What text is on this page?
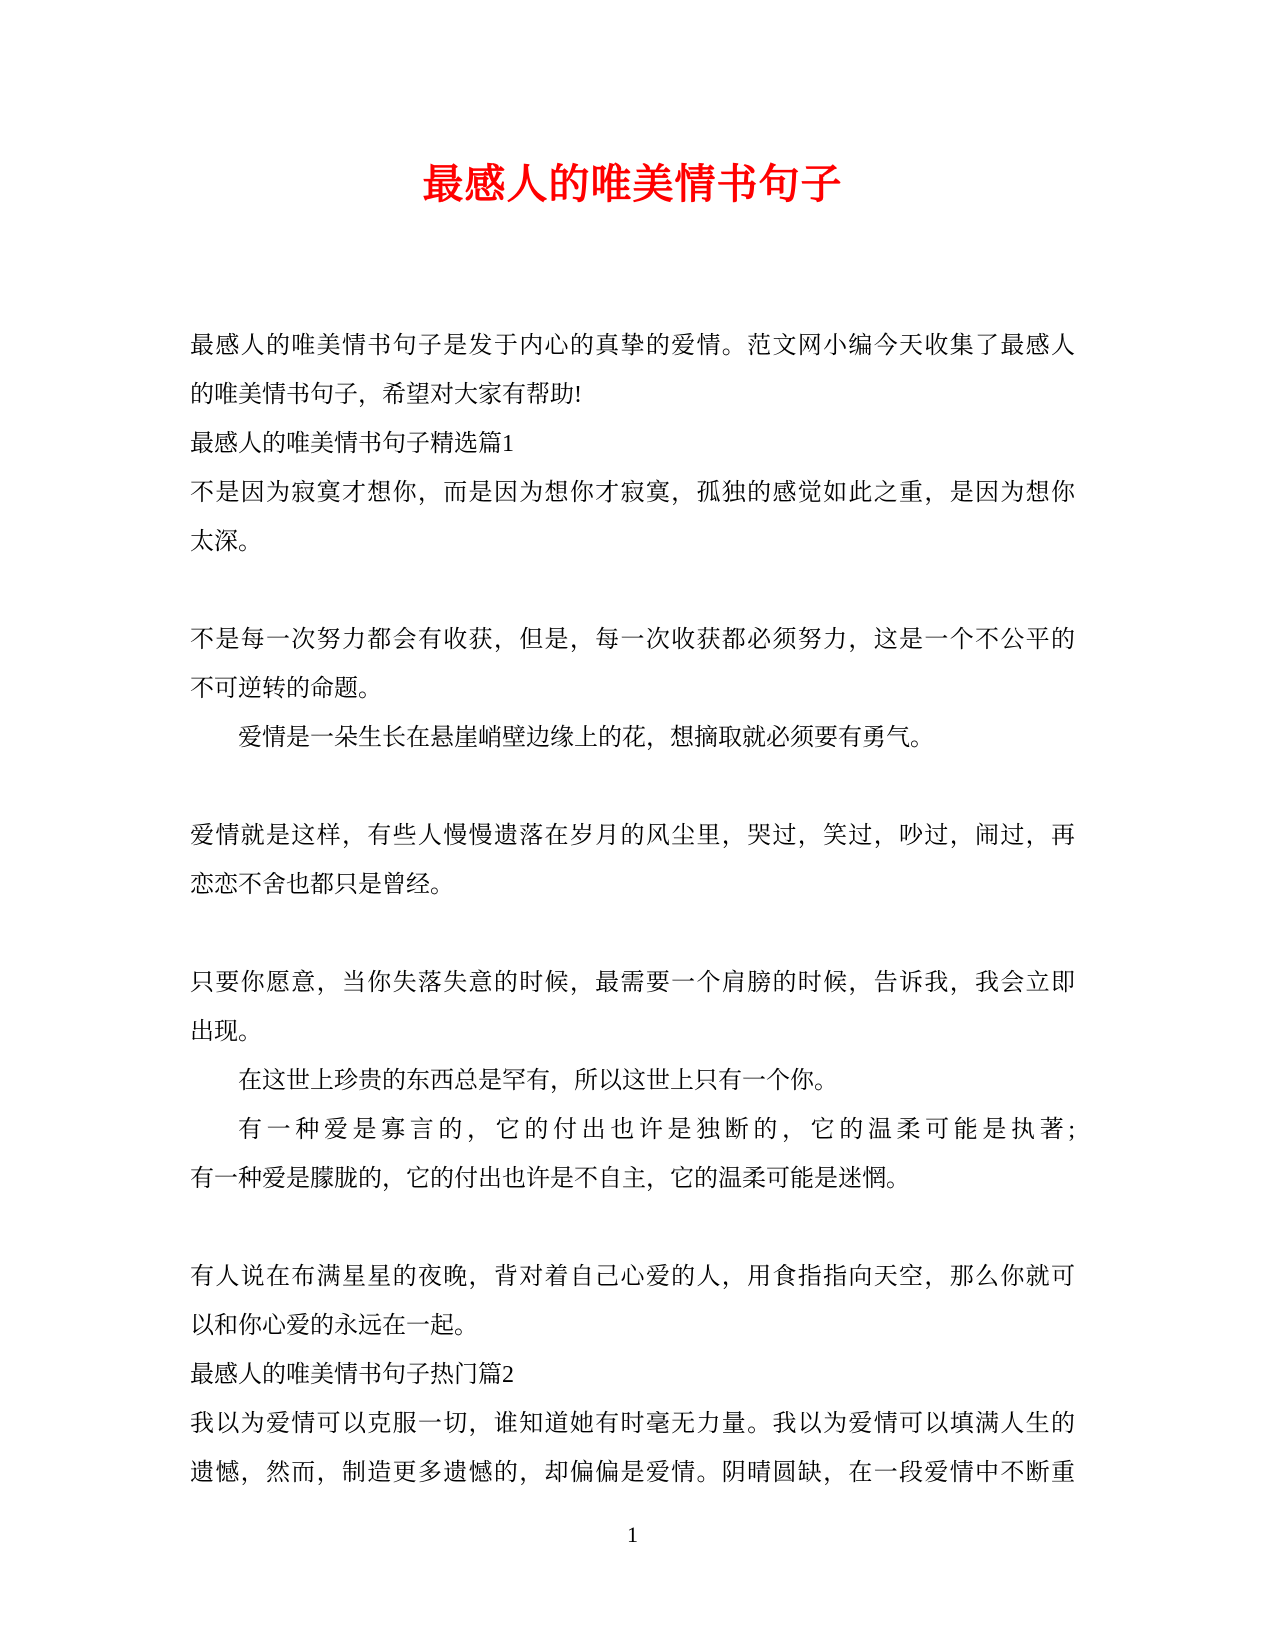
最感人的唯美情书句子
最感人的唯美情书句子是发于内心的真挚的爱情。范文网小编今天收集了最感人
的唯美情书句子，希望对大家有帮助!
最感人的唯美情书句子精选篇1
不是因为寂寞才想你，而是因为想你才寂寞，孤独的感觉如此之重，是因为想你
太深。
不是每一次努力都会有收获，但是，每一次收获都必须努力，这是一个不公平的
不可逆转的命题。
爱情是一朵生长在悬崖峭壁边缘上的花，想摘取就必须要有勇气。
爱情就是这样，有些人慢慢遗落在岁月的风尘里，哭过，笑过，吵过，闹过，再
恋恋不舍也都只是曾经。
只要你愿意，当你失落失意的时候，最需要一个肩膀的时候，告诉我，我会立即
出现。
在这世上珍贵的东西总是罕有，所以这世上只有一个你。
有一种爱是寡言的，它的付出也许是独断的，它的温柔可能是执著;
有一种爱是朦胧的，它的付出也许是不自主，它的温柔可能是迷惘。
有人说在布满星星的夜晚，背对着自己心爱的人，用食指指向天空，那么你就可
以和你心爱的永远在一起。
最感人的唯美情书句子热门篇2
我以为爱情可以克服一切，谁知道她有时毫无力量。我以为爱情可以填满人生的
遗憾，然而，制造更多遗憾的，却偏偏是爱情。阴晴圆缺，在一段爱情中不断重
1
